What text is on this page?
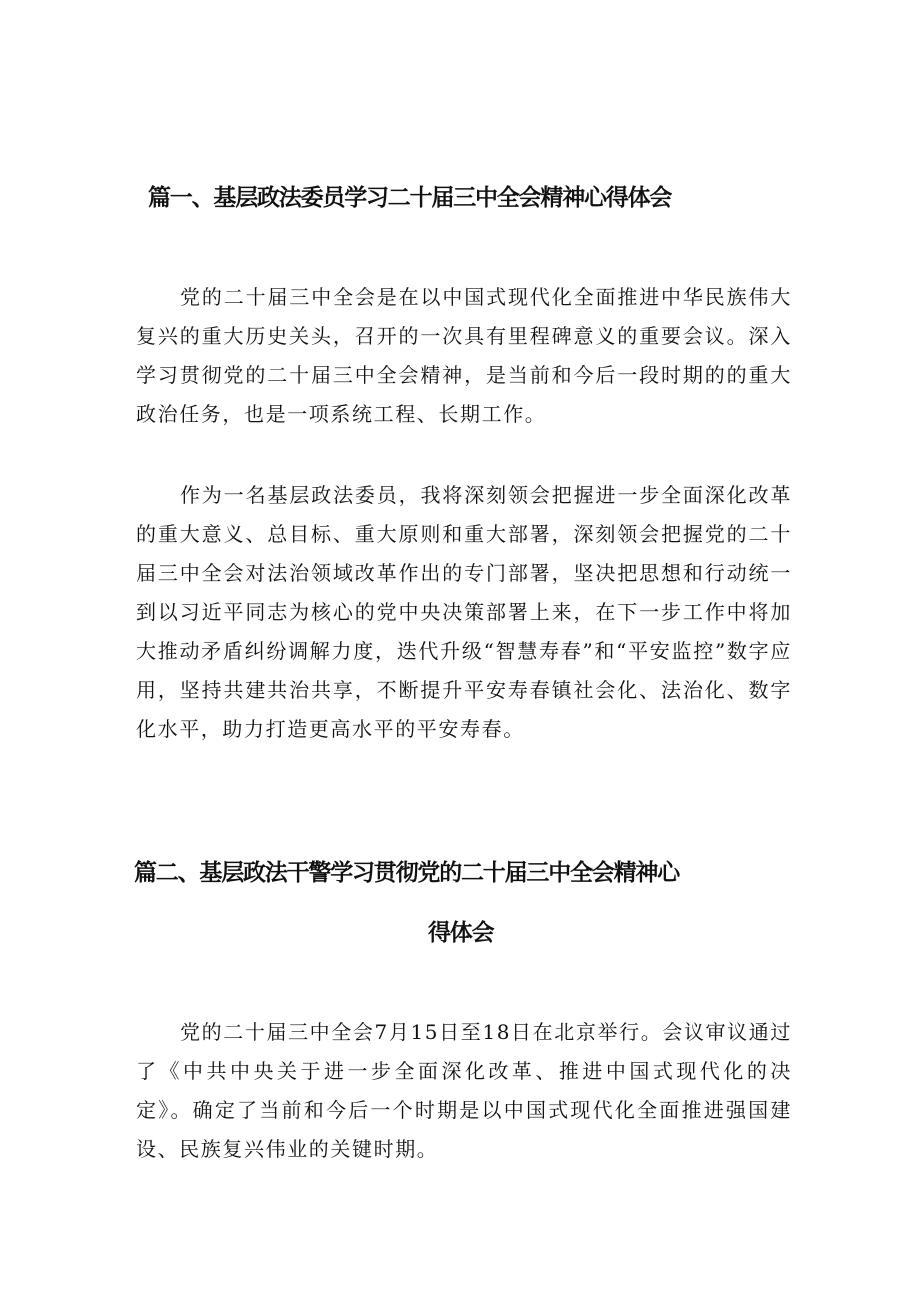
篇一、基层政法委员学习二十届三中全会精神心得体会

党的二十届三中全会是在以中国式现代化全面推进中华民族伟大复兴的重大历史关头，召开的一次具有里程碑意义的重要会议。深入学习贯彻党的二十届三中全会精神，是当前和今后一段时期的的重大政治任务，也是一项系统工程、长期工作。

作为一名基层政法委员，我将深刻领会把握进一步全面深化改革的重大意义、总目标、重大原则和重大部署，深刻领会把握党的二十届三中全会对法治领域改革作出的专门部署，坚决把思想和行动统一到以习近平同志为核心的党中央决策部署上来，在下一步工作中将加大推动矛盾纠纷调解力度，迭代升级“智慧寿春”和“平安监控”数字应用，坚持共建共治共享，不断提升平安寿春镇社会化、法治化、数字化水平，助力打造更高水平的平安寿春。

篇二、基层政法干警学习贯彻党的二十届三中全会精神心
得体会

党的二十届三中全会7月15日至18日在北京举行。会议审议通过了《中共中央关于进一步全面深化改革、推进中国式现代化的决定》。确定了当前和今后一个时期是以中国式现代化全面推进强国建设、民族复兴伟业的关键时期。
